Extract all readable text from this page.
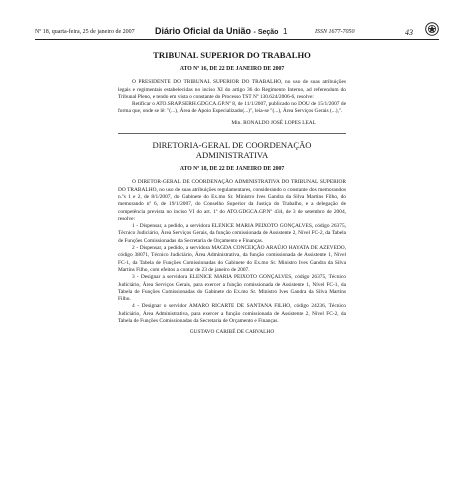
Nº 18, quarta-feira, 25 de janeiro de 2007 Diário Oficial da União - Seção 1	ISSN 1677-7050	43
TRIBUNAL SUPERIOR DO TRABALHO
ATO Nº 16, DE 22 DE JANEIRO DE 2007

O PRESIDENTE DO TRIBUNAL SUPERIOR DO TRABALHO, no uso de suas atribuições legais e regimentais estabelecidas no inciso XI do artigo 36 do Regimento Interno, ad referendum do Tribunal Pleno, e tendo em vista o constante do Processo TST Nº 130.624/2006-6, resolve:

Retificar o ATO.SRAP.SERH.GDGCA.GP.Nº 8, de 11/1/2007, publicado no DOU de 15/1/2007 de forma que, onde se lê: "(...), Área de Apoio Especializado(...)", leia-se "(...), Área Serviços Gerais (...),".

Min. RONALDO JOSÉ LOPES LEAL
DIRETORIA-GERAL DE COORDENAÇÃO
ADMINISTRATIVA
ATO Nº 18, DE 22 DE JANEIRO DE 2007

O DIRETOR-GERAL DE COORDENAÇÃO ADMINISTRATIVA DO TRIBUNAL SUPERIOR DO TRABALHO, no uso de suas atribuições regulamentares, considerando o constante dos memorandos n.ºs 1 e 2, de 8/1/2007, do Gabinete do Ex.mo Sr. Ministro Ives Gandra da Silva Martins Filho, do memorando nº 6, de 19/1/2007, do Conselho Superior da Justiça do Trabalho, e a delegação de competência prevista no inciso VI do art. 1º do ATO.GDGCA.GP.Nº 434, de 3 de setembro de 2004, resolve:

1 - Dispensar, a pedido, a servidora ELENICE MARIA PEIXOTO GONÇALVES, código 26375, Técnico Judiciário, Área Serviços Gerais, da função comissionada de Assistente 2, Nível FC-2, da Tabela de Funções Comissionadas da Secretaria de Orçamento e Finanças.

2 - Dispensar, a pedido, a servidora MAGDA CONCEIÇÃO ARAÚJO HAYATA DE AZEVEDO, código 38071, Técnico Judiciário, Área Administrativa, da função comissionada de Assistente 1, Nível FC-1, da Tabela de Funções Comissionadas do Gabinete do Ex.mo Sr. Ministro Ives Gandra da Silva Martins Filho, com efeitos a contar de 23 de janeiro de 2007.

3 - Designar a servidora ELENICE MARIA PEIXOTO GONÇALVES, código 26375, Técnico Judiciário, Área Serviços Gerais, para exercer a função comissionada de Assistente 1, Nível FC-1, da Tabela de Funções Comissionadas do Gabinete do Ex.mo Sr. Ministro Ives Gandra da Silva Martins Filho.

4 - Designar o servidor AMARO RICARTE DE SANTANA FILHO, código 24236, Técnico Judiciário, Área Administrativa, para exercer a função comissionada de Assistente 2, Nível FC-2, da Tabela de Funções Comissionadas da Secretaria de Orçamento e Finanças.

GUSTAVO CARIBÉ DE CARVALHO
